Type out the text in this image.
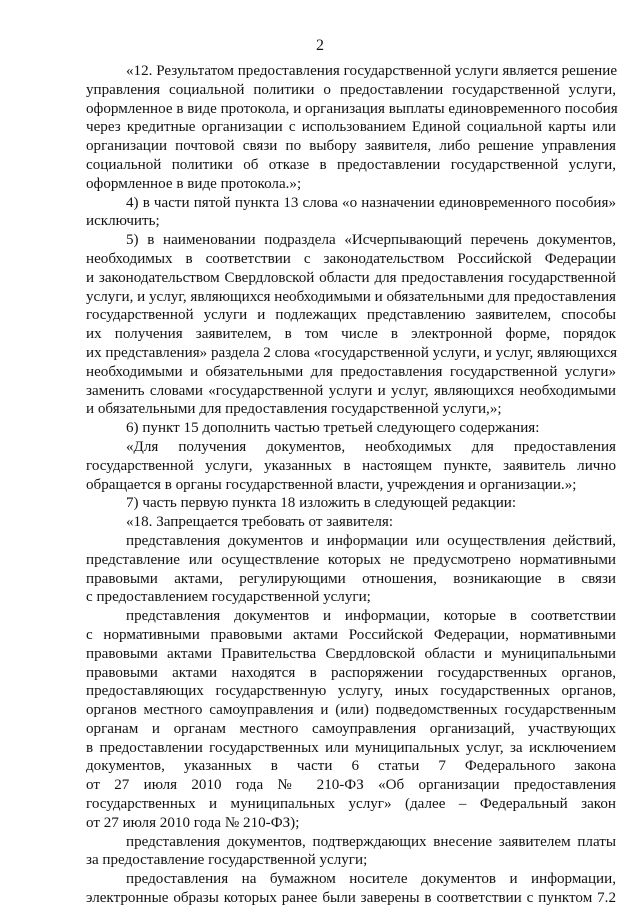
2
«12. Результатом предоставления государственной услуги является решение
управления социальной политики о предоставлении государственной услуги,
оформленное в виде протокола, и организация выплаты единовременного пособия
через кредитные организации с использованием Единой социальной карты или
организации почтовой связи по выбору заявителя, либо решение управления
социальной политики об отказе в предоставлении государственной услуги,
оформленное в виде протокола.»;
4) в части пятой пункта 13 слова «о назначении единовременного пособия»
исключить;
5) в наименовании подраздела «Исчерпывающий перечень документов,
необходимых в соответствии с законодательством Российской Федерации
и законодательством Свердловской области для предоставления государственной
услуги, и услуг, являющихся необходимыми и обязательными для предоставления
государственной услуги и подлежащих представлению заявителем, способы
их получения заявителем, в том числе в электронной форме, порядок
их представления» раздела 2 слова «государственной услуги, и услуг, являющихся
необходимыми и обязательными для предоставления государственной услуги»
заменить словами «государственной услуги и услуг, являющихся необходимыми
и обязательными для предоставления государственной услуги,»;
6) пункт 15 дополнить частью третьей следующего содержания:
«Для получения документов, необходимых для предоставления
государственной услуги, указанных в настоящем пункте, заявитель лично
обращается в органы государственной власти, учреждения и организации.»;
7) часть первую пункта 18 изложить в следующей редакции:
«18. Запрещается требовать от заявителя:
представления документов и информации или осуществления действий,
представление или осуществление которых не предусмотрено нормативными
правовыми актами, регулирующими отношения, возникающие в связи
с предоставлением государственной услуги;
представления документов и информации, которые в соответствии
с нормативными правовыми актами Российской Федерации, нормативными
правовыми актами Правительства Свердловской области и муниципальными
правовыми актами находятся в распоряжении государственных органов,
предоставляющих государственную услугу, иных государственных органов,
органов местного самоуправления и (или) подведомственных государственным
органам и органам местного самоуправления организаций, участвующих
в предоставлении государственных или муниципальных услуг, за исключением
документов, указанных в части 6 статьи 7 Федерального закона
от 27 июля 2010 года № 210-ФЗ «Об организации предоставления
государственных и муниципальных услуг» (далее – Федеральный закон
от 27 июля 2010 года № 210-ФЗ);
представления документов, подтверждающих внесение заявителем платы
за предоставление государственной услуги;
предоставления на бумажном носителе документов и информации,
электронные образы которых ранее были заверены в соответствии с пунктом 7.2
